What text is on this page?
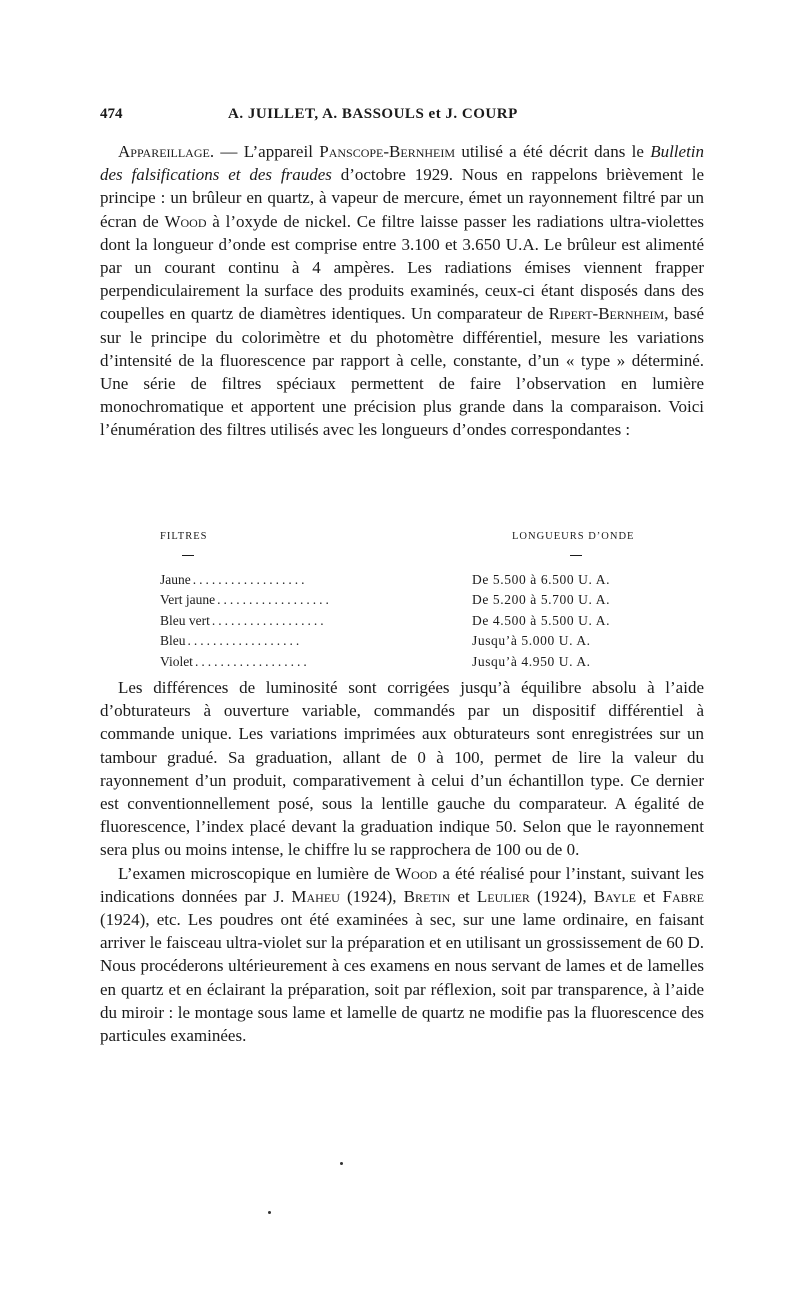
474	A. JUILLET, A. BASSOULS et J. COURP

Appareillage. — L’appareil Panscope-Bernheim utilisé a été décrit dans le Bulletin des falsifications et des fraudes d’octobre 1929. Nous en rappelons brièvement le principe : un brûleur en quartz, à vapeur de mercure, émet un rayonnement filtré par un écran de Wood à l’oxyde de nickel. Ce filtre laisse passer les radiations ultra-violettes dont la longueur d’onde est comprise entre 3.100 et 3.650 U.A. Le brûleur est alimenté par un courant continu à 4 ampères. Les radiations émises viennent frapper perpendiculairement la surface des produits examinés, ceux-ci étant disposés dans des coupelles en quartz de diamètres identiques. Un comparateur de Ripert-Bernheim, basé sur le principe du colorimètre et du photomètre différentiel, mesure les variations d’intensité de la fluorescence par rapport à celle, constante, d’un « type » déterminé. Une série de filtres spéciaux permettent de faire l’observation en lumière monochromatique et apportent une précision plus grande dans la comparaison. Voici l’énumération des filtres utilisés avec les longueurs d’ondes correspondantes :

FILTRES	LONGUEURS D’ONDE
Jaune ..................	De 5.500 à 6.500 U. A.
Vert jaune ..................	De 5.200 à 5.700 U. A.
Bleu vert ..................	De 4.500 à 5.500 U. A.
Bleu ..................	Jusqu’à 5.000 U. A.
Violet ..................	Jusqu’à 4.950 U. A.

Les différences de luminosité sont corrigées jusqu’à équilibre absolu à l’aide d’obturateurs à ouverture variable, commandés par un dispositif différentiel à commande unique. Les variations imprimées aux obturateurs sont enregistrées sur un tambour gradué. Sa graduation, allant de 0 à 100, permet de lire la valeur du rayonnement d’un produit, comparativement à celui d’un échantillon type. Ce dernier est conventionnellement posé, sous la lentille gauche du comparateur. A égalité de fluorescence, l’index placé devant la graduation indique 50. Selon que le rayonnement sera plus ou moins intense, le chiffre lu se rapprochera de 100 ou de 0.

L’examen microscopique en lumière de Wood a été réalisé pour l’instant, suivant les indications données par J. Maheu (1924), Bretin et Leulier (1924), Bayle et Fabre (1924), etc. Les poudres ont été examinées à sec, sur une lame ordinaire, en faisant arriver le faisceau ultra-violet sur la préparation et en utilisant un grossissement de 60 D. Nous procéderons ultérieurement à ces examens en nous servant de lames et de lamelles en quartz et en éclairant la préparation, soit par réflexion, soit par transparence, à l’aide du miroir : le montage sous lame et lamelle de quartz ne modifie pas la fluorescence des particules examinées.
